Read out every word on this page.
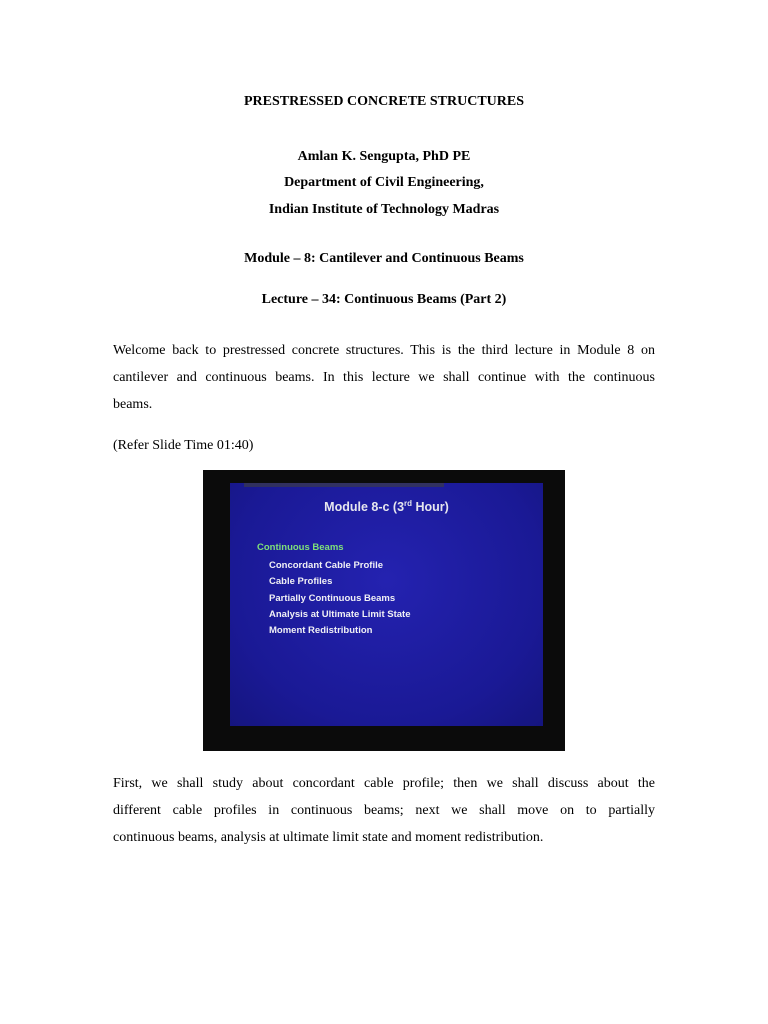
PRESTRESSED CONCRETE STRUCTURES
Amlan K. Sengupta, PhD PE
Department of Civil Engineering,
Indian Institute of Technology Madras
Module – 8: Cantilever and Continuous Beams
Lecture – 34: Continuous Beams (Part 2)
Welcome back to prestressed concrete structures. This is the third lecture in Module 8 on
cantilever and continuous beams. In this lecture we shall continue with the continuous
beams.
(Refer Slide Time 01:40)
Module 8-c (3rd Hour)
Continuous Beams
Concordant Cable Profile
Cable Profiles
Partially Continuous Beams
Analysis at Ultimate Limit State
Moment Redistribution
First, we shall study about concordant cable profile; then we shall discuss about the
different cable profiles in continuous beams; next we shall move on to partially
continuous beams, analysis at ultimate limit state and moment redistribution.
